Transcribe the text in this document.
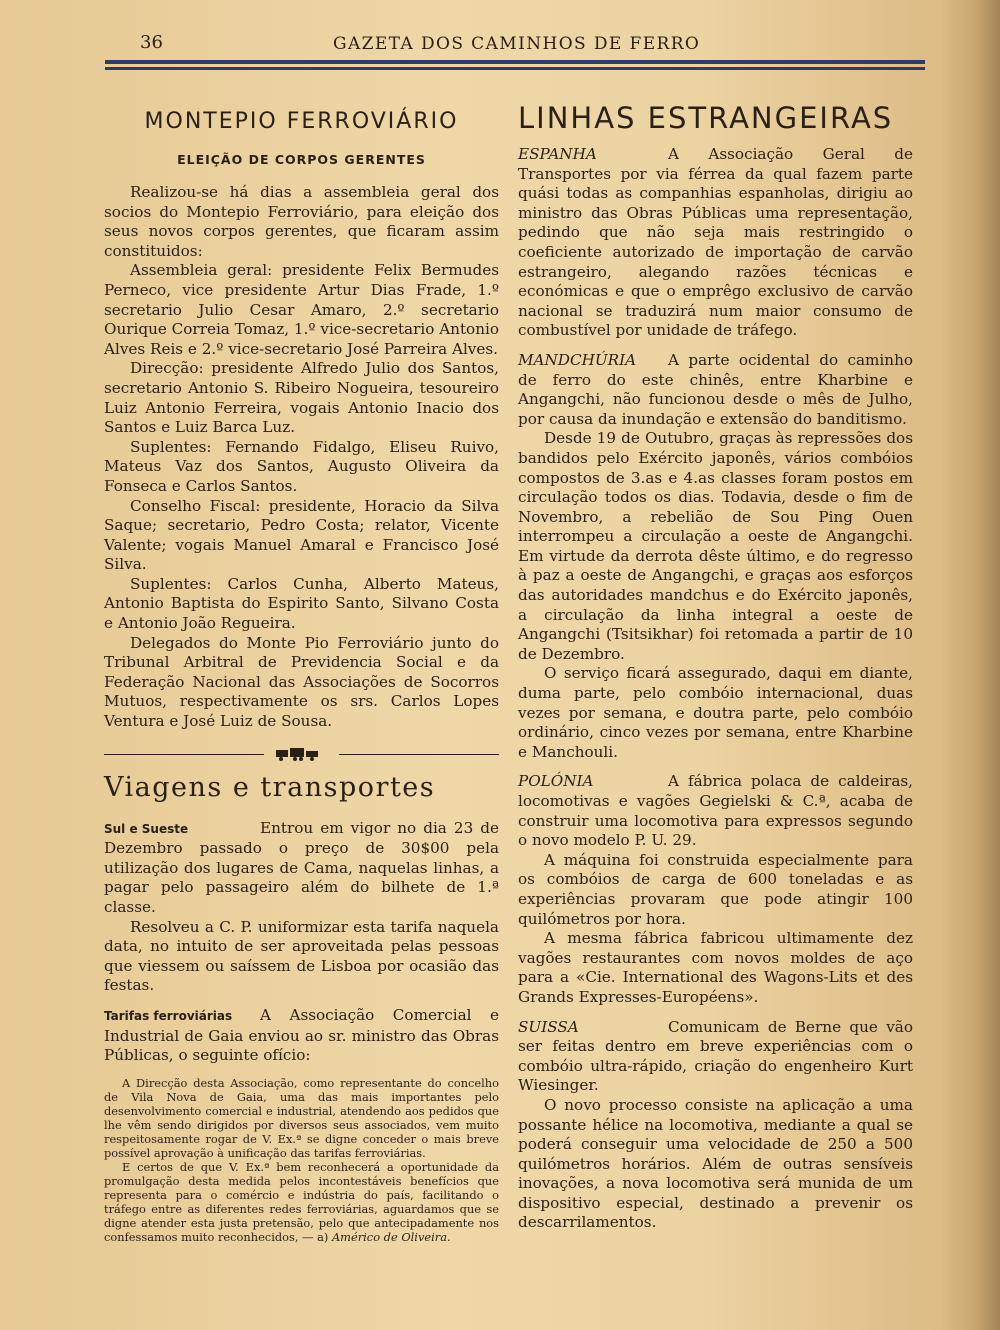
36	GAZETA DOS CAMINHOS DE FERRO
MONTEPIO FERROVIÁRIO
ELEIÇÃO DE CORPOS GERENTES

Realizou-se há dias a assembleia geral dos socios do Montepio Ferroviário, para eleição dos seus novos corpos gerentes, que ficaram assim constituidos:

Assembleia geral: presidente Felix Bermudes Perneco, vice presidente Artur Dias Frade, 1.º secretario Julio Cesar Amaro, 2.º secretario Ourique Correia Tomaz, 1.º vice-secretario Antonio Alves Reis e 2.º vice-secretario José Parreira Alves.

Direcção: presidente Alfredo Julio dos Santos, secretario Antonio S. Ribeiro Nogueira, tesoureiro Luiz Antonio Ferreira, vogais Antonio Inacio dos Santos e Luiz Barca Luz.

Suplentes: Fernando Fidalgo, Eliseu Ruivo, Mateus Vaz dos Santos, Augusto Oliveira da Fonseca e Carlos Santos.

Conselho Fiscal: presidente, Horacio da Silva Saque; secretario, Pedro Costa; relator, Vicente Valente; vogais Manuel Amaral e Francisco José Silva.

Suplentes: Carlos Cunha, Alberto Mateus, Antonio Baptista do Espirito Santo, Silvano Costa e Antonio João Regueira.

Delegados do Monte Pio Ferroviário junto do Tribunal Arbitral de Previdencia Social e da Federação Nacional das Associações de Socorros Mutuos, respectivamente os srs. Carlos Lopes Ventura e José Luiz de Sousa.

Viagens e transportes

Sul e Sueste	Entrou em vigor no dia 23 de Dezembro passado o preço de 30$00 pela utilização dos lugares de Cama, naquelas linhas, a pagar pelo passageiro além do bilhete de 1.ª classe.

Resolveu a C. P. uniformizar esta tarifa naquela data, no intuito de ser aproveitada pelas pessoas que viessem ou saíssem de Lisboa por ocasião das festas.

Tarifas ferroviárias A Associação Comercial e Industrial de Gaia enviou ao sr. ministro das Obras Públicas, o seguinte ofício:

A Direcção desta Associação, como representante do concelho de Vila Nova de Gaia, uma das mais importantes pelo desenvolvimento comercial e industrial, atendendo aos pedidos que lhe vêm sendo dirigidos por diversos seus associados, vem muito respeitosamente rogar de V. Ex.ª se digne conceder o mais breve possível aprovação à unificação das tarifas ferroviárias.

E certos de que V. Ex.ª bem reconhecerá a oportunidade da promulgação desta medida pelos incontestáveis benefícios que representa para o comércio e indústria do país, facilitando o tráfego entre as diferentes redes ferroviárias, aguardamos que se digne atender esta justa pretensão, pelo que antecipadamente nos confessamos muito reconhecidos, — a) Américo de Oliveira.

LINHAS ESTRANGEIRAS

ESPANHA	A Associação Geral de Transportes por via férrea da qual fazem parte quási todas as companhias espanholas, dirigiu ao ministro das Obras Públicas uma representação, pedindo que não seja mais restringido o coeficiente autorizado de importação de carvão estrangeiro, alegando razões técnicas e económicas e que o emprêgo exclusivo de carvão nacional se traduzirá num maior consumo de combustível por unidade de tráfego.

MANDCHÚRIA A parte ocidental do caminho de ferro do este chinês, entre Kharbine e Angangchi, não funcionou desde o mês de Julho, por causa da inundação e extensão do banditismo.

Desde 19 de Outubro, graças às repressões dos bandidos pelo Exército japonês, vários combóios compostos de 3.as e 4.as classes foram postos em circulação todos os dias. Todavia, desde o fim de Novembro, a rebelião de Sou Ping Ouen interrompeu a circulação a oeste de Angangchi. Em virtude da derrota dêste último, e do regresso à paz a oeste de Angangchi, e graças aos esforços das autoridades mandchus e do Exército japonês, a circulação da linha integral a oeste de Angangchi (Tsitsikhar) foi retomada a partir de 10 de Dezembro.

O serviço ficará assegurado, daqui em diante, duma parte, pelo combóio internacional, duas vezes por semana, e doutra parte, pelo combóio ordinário, cinco vezes por semana, entre Kharbine e Manchouli.

POLÓNIA	A fábrica polaca de caldeiras, locomotivas e vagões Gegielski & C.ª, acaba de construir uma locomotiva para expressos segundo o novo modelo P. U. 29.

A máquina foi construida especialmente para os combóios de carga de 600 toneladas e as experiências provaram que pode atingir 100 quilómetros por hora.

A mesma fábrica fabricou ultimamente dez vagões restaurantes com novos moldes de aço para a «Cie. International des Wagons-Lits et des Grands Expresses-Européens».

SUISSA	Comunicam de Berne que vão ser feitas dentro em breve experiências com o combóio ultra-rápido, criação do engenheiro Kurt Wiesinger.

O novo processo consiste na aplicação a uma possante hélice na locomotiva, mediante a qual se poderá conseguir uma velocidade de 250 a 500 quilómetros horários. Além de outras sensíveis inovações, a nova locomotiva será munida de um dispositivo especial, destinado a prevenir os descarrilamentos.
